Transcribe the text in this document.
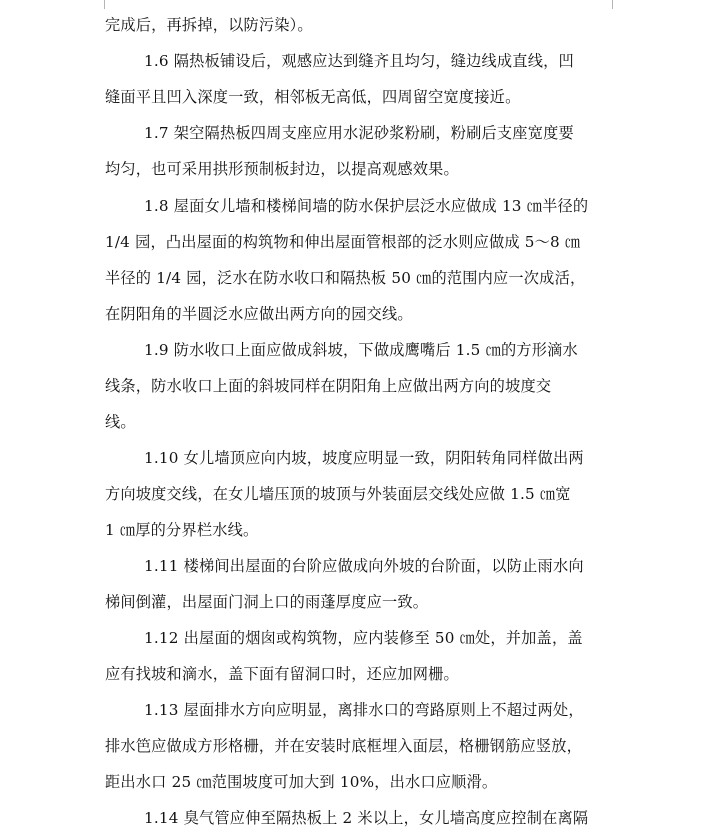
完成后，再拆掉，以防污染）。
1.6 隔热板铺设后，观感应达到缝齐且均匀，缝边线成直线，凹
缝面平且凹入深度一致，相邻板无高低，四周留空宽度接近。
1.7 架空隔热板四周支座应用水泥砂浆粉刷，粉刷后支座宽度要
均匀，也可采用拱形预制板封边，以提高观感效果。
1.8 屋面女儿墙和楼梯间墙的防水保护层泛水应做成 13 ㎝半径的
1/4 园，凸出屋面的构筑物和伸出屋面管根部的泛水则应做成 5～8 ㎝
半径的 1/4 园，泛水在防水收口和隔热板 50 ㎝的范围内应一次成活，
在阴阳角的半圆泛水应做出两方向的园交线。
1.9 防水收口上面应做成斜坡，下做成鹰嘴后 1.5 ㎝的方形滴水
线条，防水收口上面的斜坡同样在阴阳角上应做出两方向的坡度交
线。
1.10 女儿墙顶应向内坡，坡度应明显一致，阴阳转角同样做出两
方向坡度交线，在女儿墙压顶的坡顶与外装面层交线处应做 1.5 ㎝宽
1 ㎝厚的分界栏水线。
1.11 楼梯间出屋面的台阶应做成向外坡的台阶面，以防止雨水向
梯间倒灌，出屋面门洞上口的雨蓬厚度应一致。
1.12 出屋面的烟囱或构筑物，应内装修至 50 ㎝处，并加盖，盖
应有找坡和滴水，盖下面有留洞口时，还应加网栅。
1.13 屋面排水方向应明显，离排水口的弯路原则上不超过两处，
排水笆应做成方形格栅，并在安装时底框埋入面层，格栅钢筋应竖放，
距出水口 25 ㎝范围坡度可加大到 10%，出水口应顺滑。
1.14 臭气管应伸至隔热板上 2 米以上，女儿墙高度应控制在离隔
